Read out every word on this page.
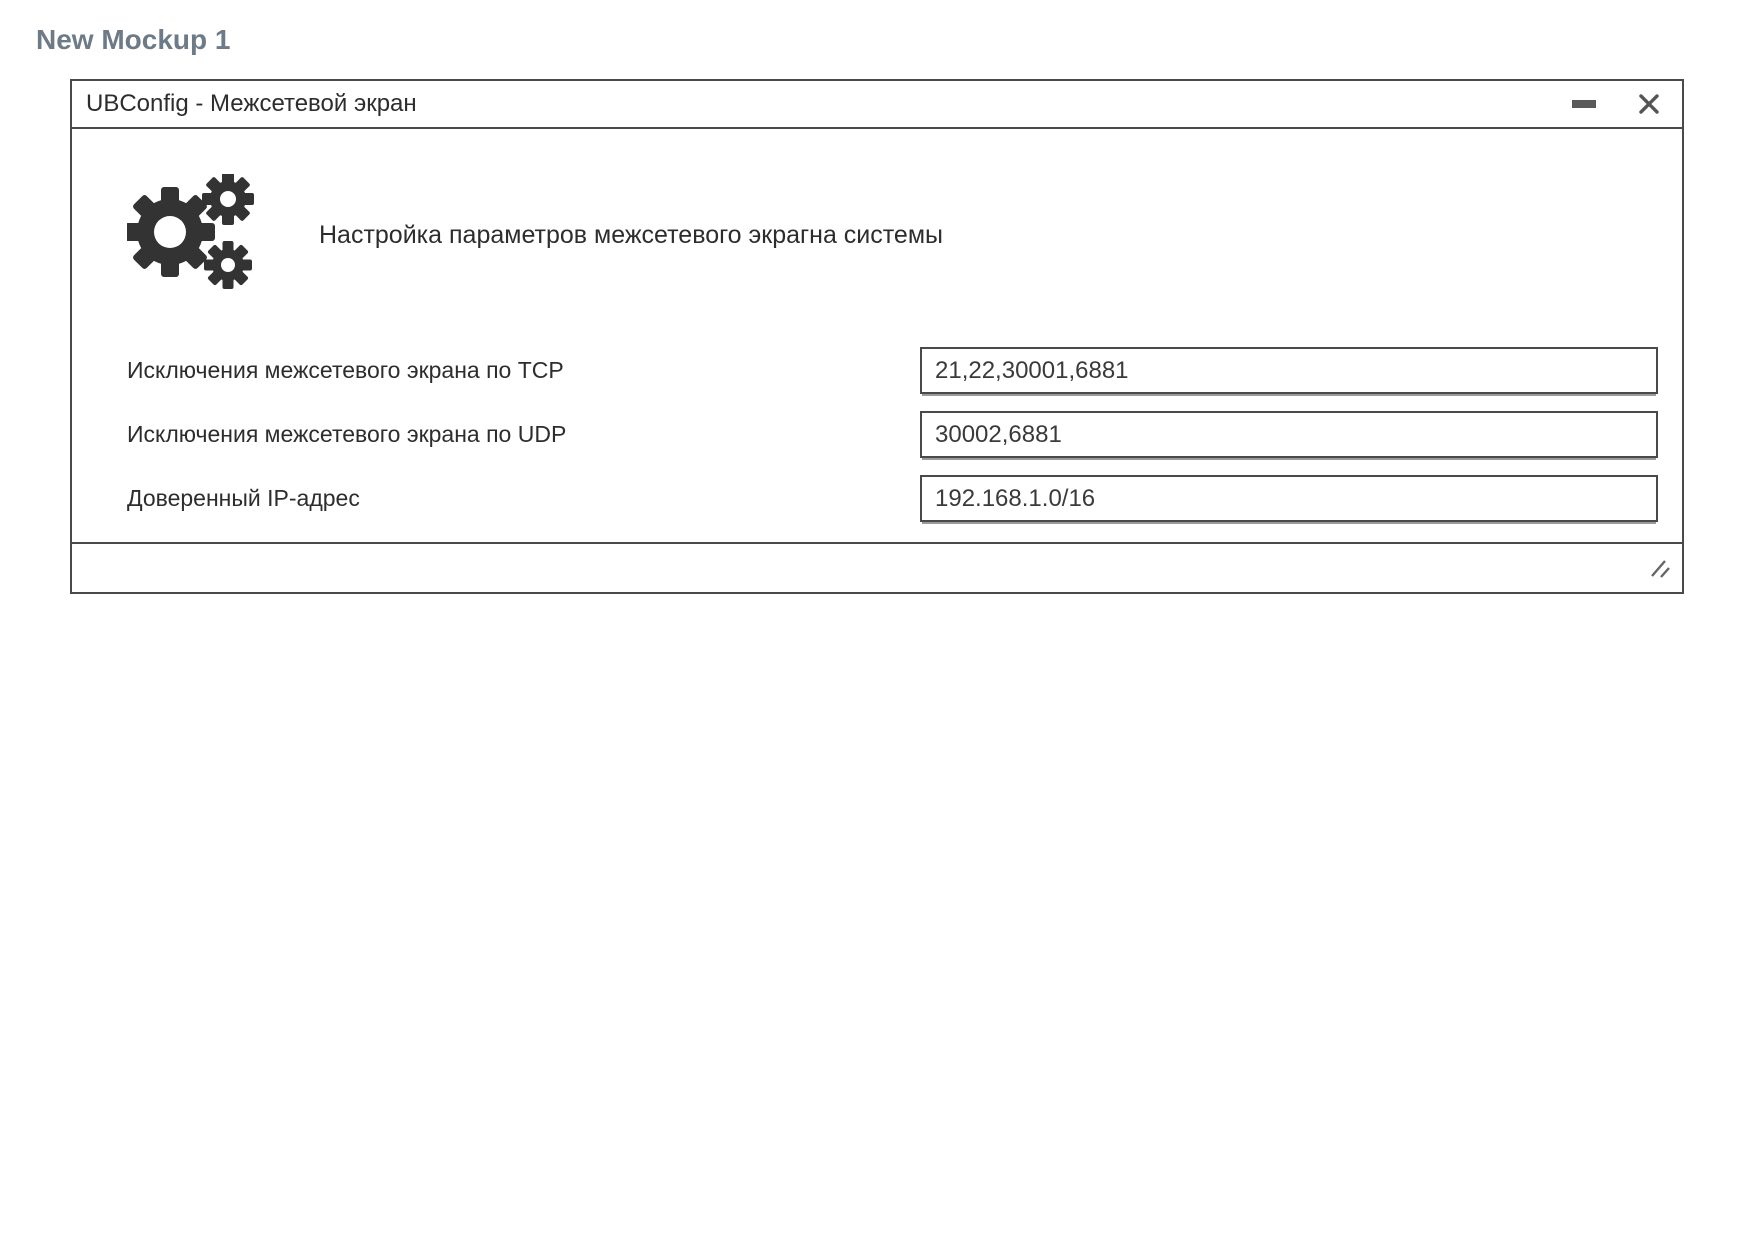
New Mockup 1
UBConfig - Межсетевой экран
Настройка параметров межсетевого экрагна системы
Исключения межсетевого экрана по TCP
21,22,30001,6881
Исключения межсетевого экрана по UDP
30002,6881
Доверенный IP-адрес
192.168.1.0/16
